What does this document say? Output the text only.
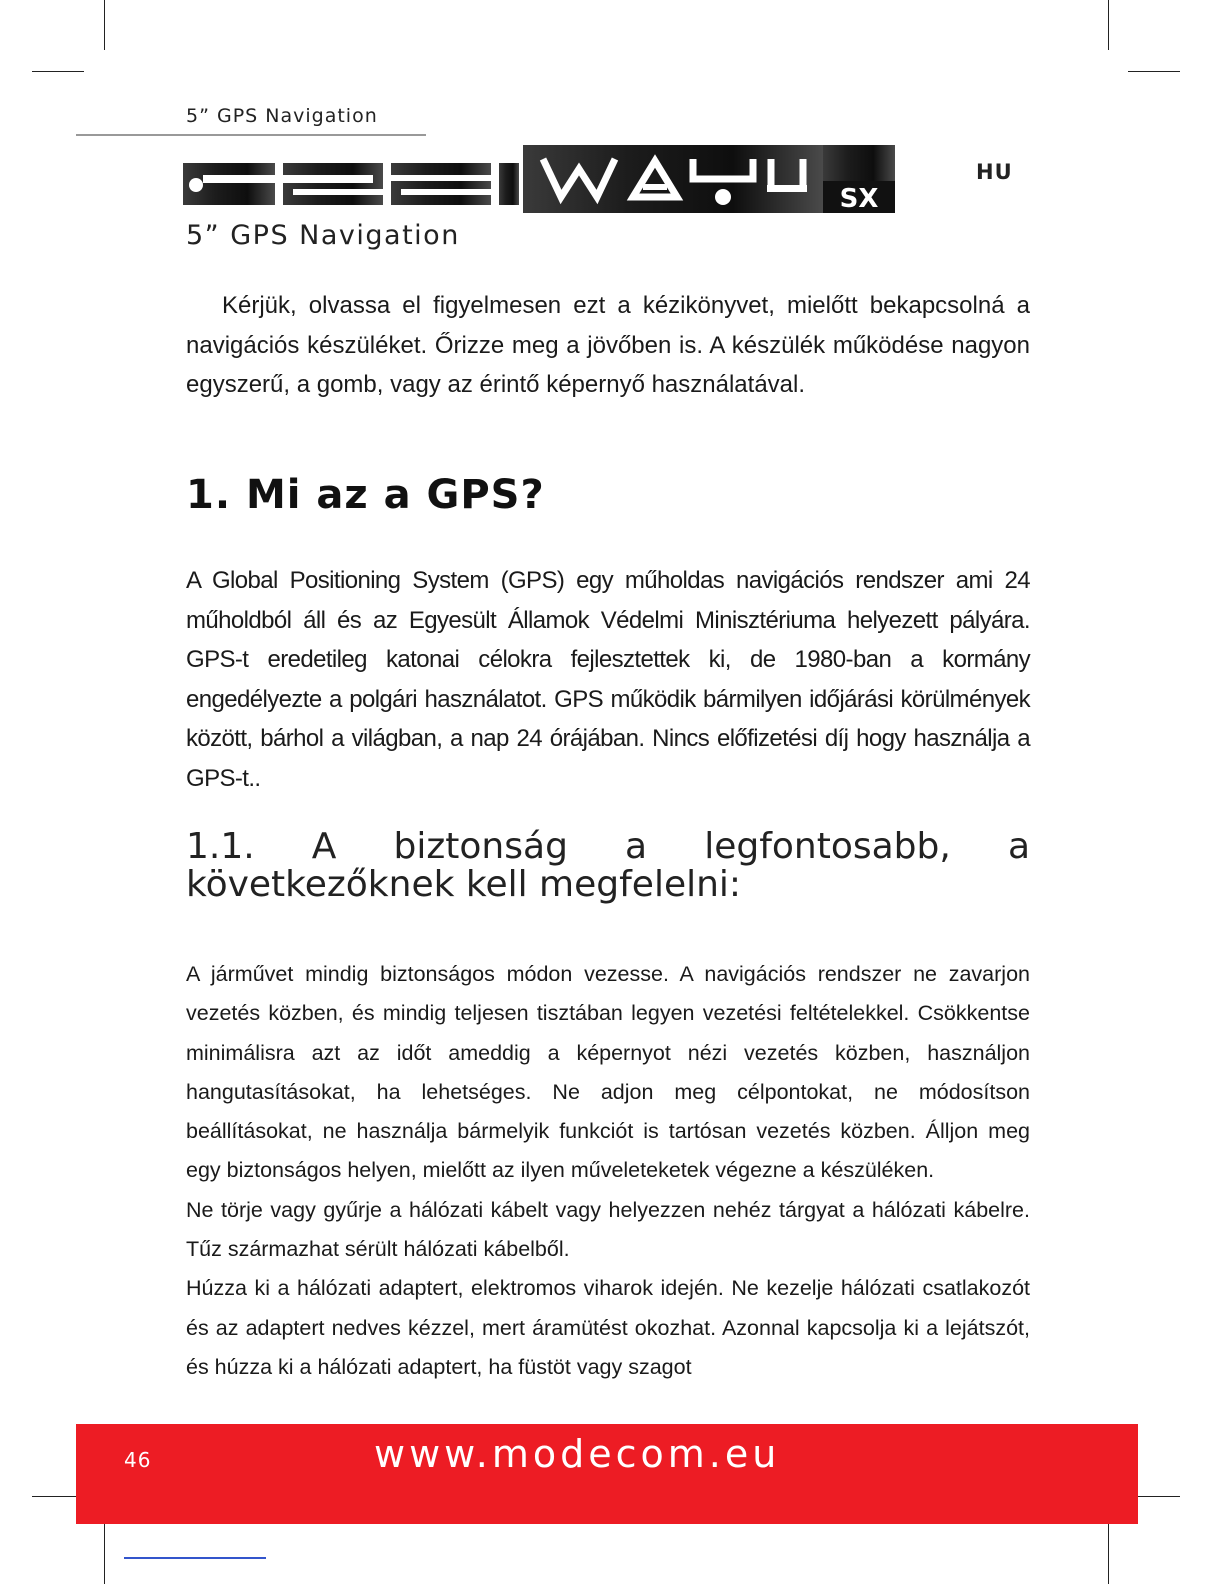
5” GPS Navigation
SX
HU
5” GPS Navigation

Kérjük, olvassa el figyelmesen ezt a kézikönyvet, mielőtt bekapcsolná a navigációs készüléket. Őrizze meg a jövőben is. A készülék működése nagyon egyszerű, a gomb, vagy az érintő képernyő használatával.

1. Mi az a GPS?

A Global Positioning System (GPS) egy műholdas navigációs rendszer ami 24 műholdból áll és az Egyesült Államok Védelmi Minisztériuma helyezett pályára. GPS-t eredetileg katonai célokra fejlesztettek ki, de 1980-ban a kormány engedélyezte a polgári használatot. GPS működik bármilyen időjárási körülmények között, bárhol a világban, a nap 24 órájában. Nincs előfizetési díj hogy használja a GPS-t..

1.1. A biztonság a legfontosabb, a következőknek kell megfelelni:

A járművet mindig biztonságos módon vezesse. A navigációs rendszer ne zavarjon vezetés közben, és mindig teljesen tisztában legyen vezetési feltételekkel. Csökkentse minimálisra azt az időt ameddig a képernyot nézi vezetés közben, használjon hangutasításokat, ha lehetséges. Ne adjon meg célpontokat, ne módosítson beállításokat, ne használja bármelyik funkciót is tartósan vezetés közben. Álljon meg egy biztonságos helyen, mielőtt az ilyen műveleteketek végezne a készüléken.

Ne törje vagy gyűrje a hálózati kábelt vagy helyezzen nehéz tárgyat a hálózati kábelre. Tűz származhat sérült hálózati kábelből.

Húzza ki a hálózati adaptert, elektromos viharok idején. Ne kezelje hálózati csatlakozót és az adaptert nedves kézzel, mert áramütést okozhat. Azonnal kapcsolja ki a lejátszót, és húzza ki a hálózati adaptert, ha füstöt vagy szagot

46	www.modecom.eu
